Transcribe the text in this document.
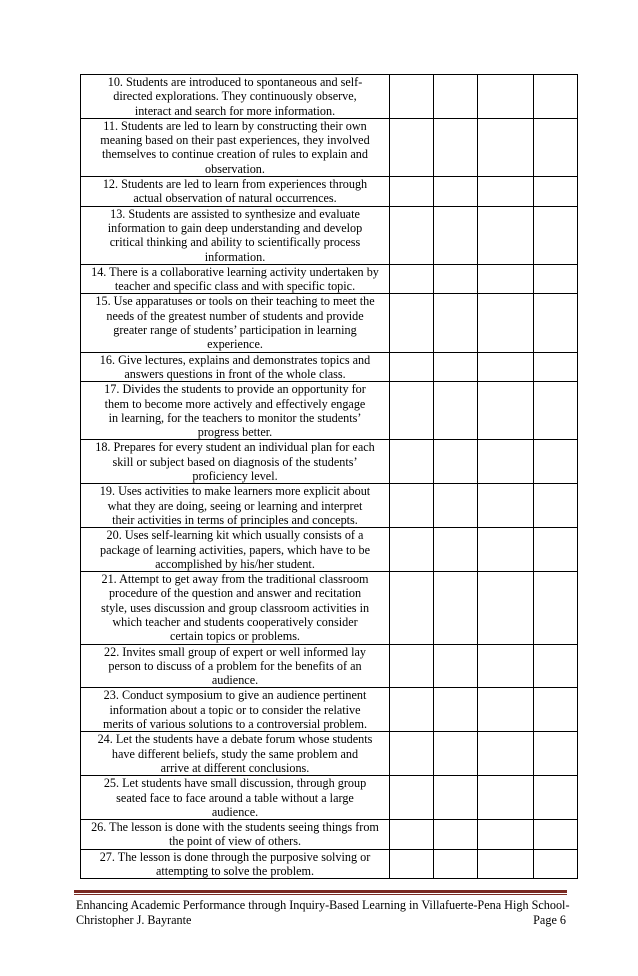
10. Students are introduced to spontaneous and self-
directed explorations. They continuously observe,
interact and search for more information.				

11. Students are led to learn by constructing their own
meaning based on their past experiences, they involved
themselves to continue creation of rules to explain and
observation.				

12. Students are led to learn from experiences through
actual observation of natural occurrences.				

13. Students are assisted to synthesize and evaluate
information to gain deep understanding and develop
critical thinking and ability to scientifically process
information.				

14. There is a collaborative learning activity undertaken by
teacher and specific class and with specific topic.				

15. Use apparatuses or tools on their teaching to meet the
needs of the greatest number of students and provide
greater range of students’ participation in learning
experience.				

16. Give lectures, explains and demonstrates topics and
answers questions in front of the whole class.				

17. Divides the students to provide an opportunity for
them to become more actively and effectively engage
in learning, for the teachers to monitor the students’
progress better.				

18. Prepares for every student an individual plan for each
skill or subject based on diagnosis of the students’
proficiency level.				

19. Uses activities to make learners more explicit about
what they are doing, seeing or learning and interpret
their activities in terms of principles and concepts.				

20. Uses self-learning kit which usually consists of a
package of learning activities, papers, which have to be
accomplished by his/her student.				

21. Attempt to get away from the traditional classroom
procedure of the question and answer and recitation
style, uses discussion and group classroom activities in
which teacher and students cooperatively consider
certain topics or problems.				

22. Invites small group of expert or well informed lay
person to discuss of a problem for the benefits of an
audience.				

23. Conduct symposium to give an audience pertinent
information about a topic or to consider the relative
merits of various solutions to a controversial problem.				

24. Let the students have a debate forum whose students
have different beliefs, study the same problem and
arrive at different conclusions.				

25. Let students have small discussion, through group
seated face to face around a table without a large
audience.				

26. The lesson is done with the students seeing things from
the point of view of others.				

27. The lesson is done through the purposive solving or
attempting to solve the problem.				

Enhancing Academic Performance through Inquiry-Based Learning in Villafuerte-Pena High School-
Christopher J. Bayrante	Page 6
